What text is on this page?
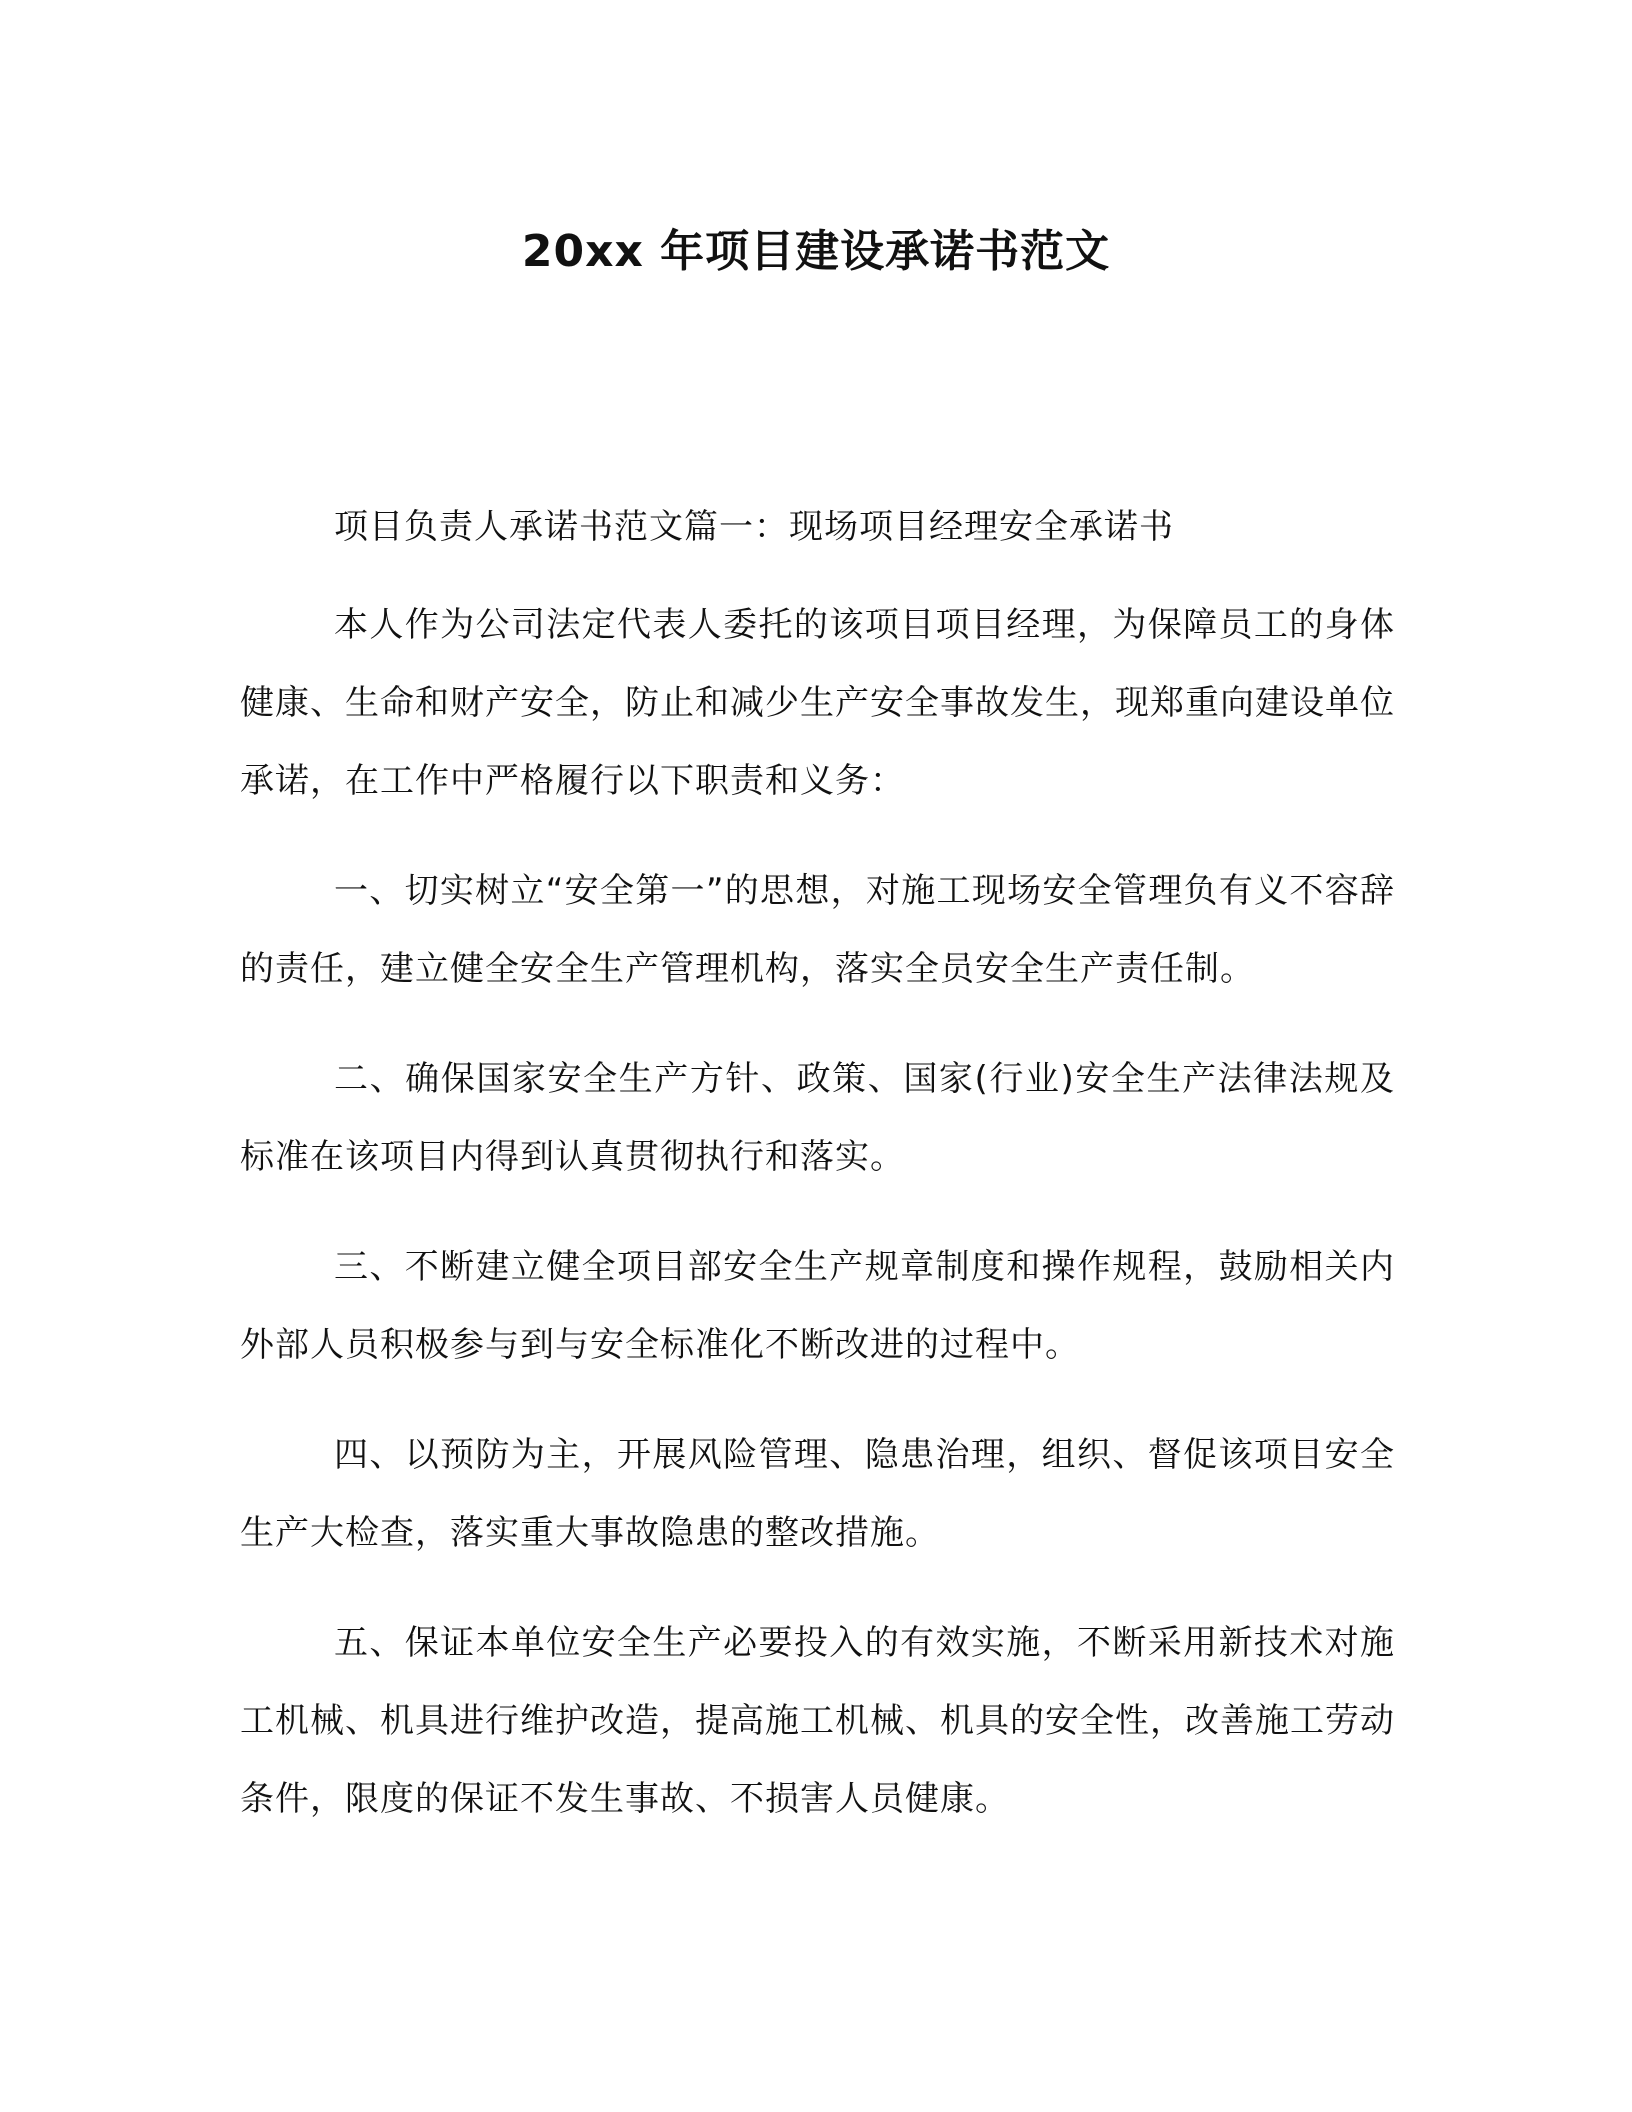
20xx 年项目建设承诺书范文

项目负责人承诺书范文篇一：现场项目经理安全承诺书

本人作为公司法定代表人委托的该项目项目经理，为保障员工的身体健康、生命和财产安全，防止和减少生产安全事故发生，现郑重向建设单位承诺，在工作中严格履行以下职责和义务：

一、切实树立“安全第一”的思想，对施工现场安全管理负有义不容辞的责任，建立健全安全生产管理机构，落实全员安全生产责任制。

二、确保国家安全生产方针、政策、国家(行业)安全生产法律法规及标准在该项目内得到认真贯彻执行和落实。

三、不断建立健全项目部安全生产规章制度和操作规程，鼓励相关内外部人员积极参与到与安全标准化不断改进的过程中。

四、以预防为主，开展风险管理、隐患治理，组织、督促该项目安全生产大检查，落实重大事故隐患的整改措施。

五、保证本单位安全生产必要投入的有效实施，不断采用新技术对施工机械、机具进行维护改造，提高施工机械、机具的安全性，改善施工劳动条件，限度的保证不发生事故、不损害人员健康。
